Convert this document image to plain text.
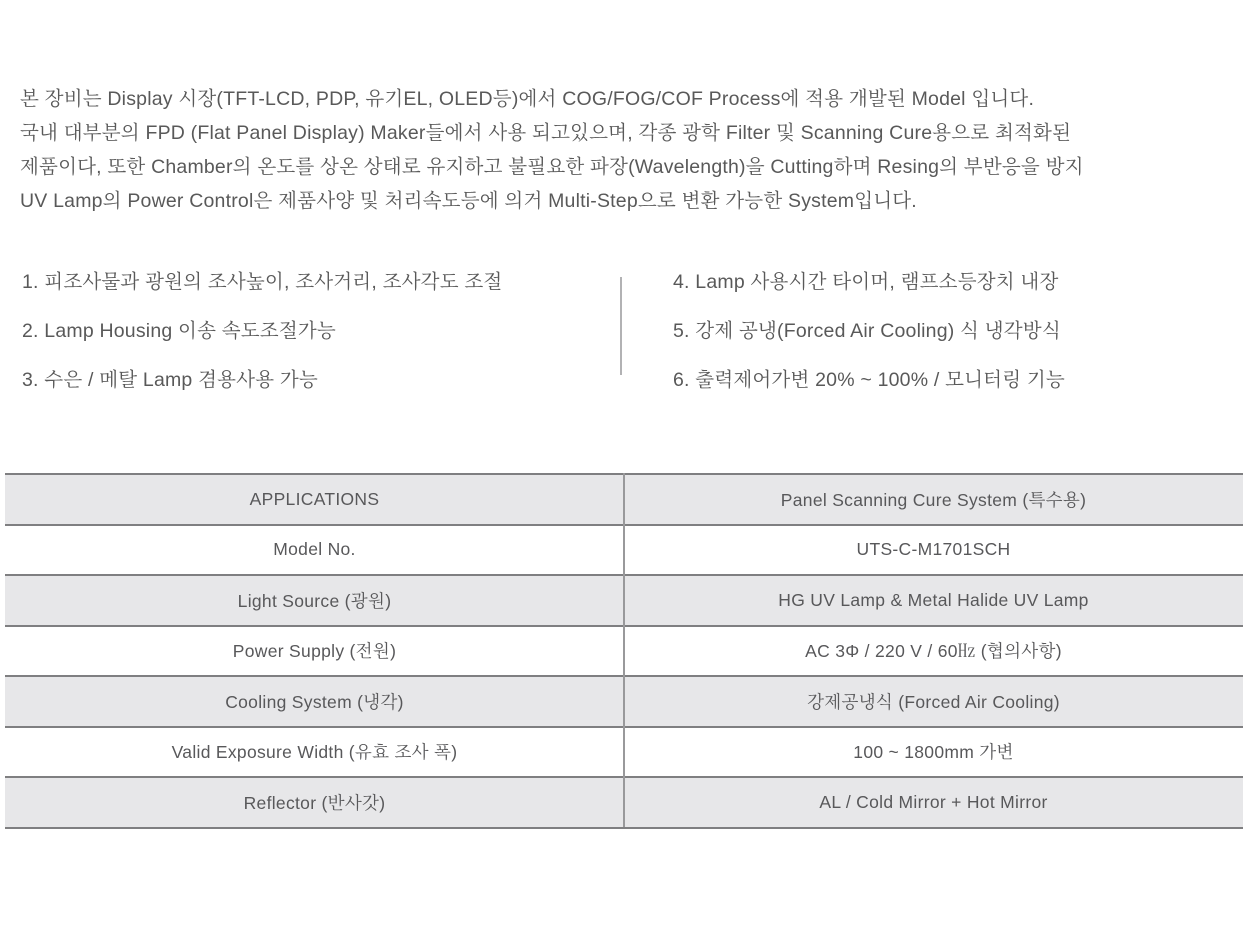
본 장비는 Display 시장(TFT-LCD, PDP, 유기EL, OLED등)에서 COG/FOG/COF Process에 적용 개발된 Model 입니다.
국내 대부분의 FPD (Flat Panel Display) Maker들에서 사용 되고있으며, 각종 광학 Filter 및 Scanning Cure용으로 최적화된
제품이다, 또한 Chamber의 온도를 상온 상태로 유지하고 불필요한 파장(Wavelength)을 Cutting하며 Resing의 부반응을 방지
UV Lamp의 Power Control은 제품사양 및 처리속도등에 의거 Multi-Step으로 변환 가능한 System입니다.
1. 피조사물과 광원의 조사높이, 조사거리, 조사각도 조절
2. Lamp Housing 이송 속도조절가능
3. 수은 / 메탈 Lamp 겸용사용 가능
4. Lamp 사용시간 타이머, 램프소등장치 내장
5. 강제 공냉(Forced Air Cooling) 식 냉각방식
6. 출력제어가변 20% ~ 100% / 모니터링 기능
APPLICATIONS	Panel Scanning Cure System (특수용)
Model No.	UTS-C-M1701SCH
Light Source (광원)	HG UV Lamp & Metal Halide UV Lamp
Power Supply (전원)	AC 3Φ / 220 V / 60㎐ (협의사항)
Cooling System (냉각)	강제공냉식 (Forced Air Cooling)
Valid Exposure Width (유효 조사 폭)	100 ~ 1800mm 가변
Reflector (반사갓)	AL / Cold Mirror + Hot Mirror
